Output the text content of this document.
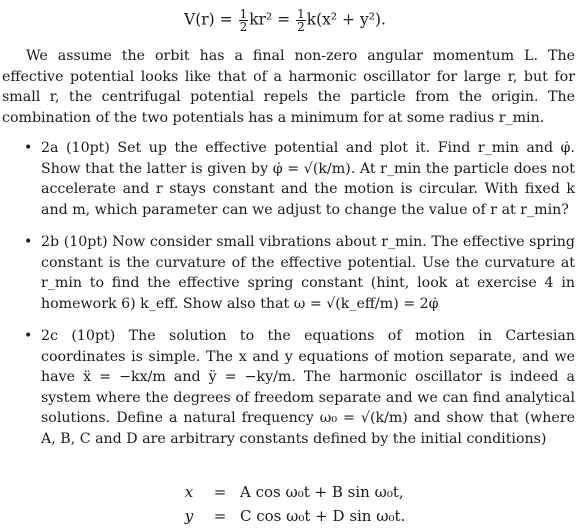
$V(r) = \frac{1}{2} kr^2 = \frac{1}{2} k(x^2 + y^2)$.

We assume the orbit has a final non-zero angular momentum L. The effective potential looks like that of a harmonic oscillator for large r, but for small r, the centrifugal potential repels the particle from the origin. The combination of the two potentials has a minimum for at some radius r_min.

• 2a (10pt) Set up the effective potential and plot it. Find r_min and φ̇. Show that the latter is given by φ̇ = √(k/m). At r_min the particle does not accelerate and r stays constant and the motion is circular. With fixed k and m, which parameter can we adjust to change the value of r at r_min?
• 2b (10pt) Now consider small vibrations about r_min. The effective spring constant is the curvature of the effective potential. Use the curvature at r_min to find the effective spring constant (hint, look at exercise 4 in homework 6) k_eff. Show also that ω = √(k_eff/m) = 2φ̇
• 2c (10pt) The solution to the equations of motion in Cartesian coordinates is simple. The x and y equations of motion separate, and we have ẍ = −kx/m and ÿ = −ky/m. The harmonic oscillator is indeed a system where the degrees of freedom separate and we can find analytical solutions. Define a natural frequency ω₀ = √(k/m) and show that (where A, B, C and D are arbitrary constants defined by the initial conditions)
x	= A cos ω₀t + B sin ω₀t,
y	= C cos ω₀t + D sin ω₀t.
